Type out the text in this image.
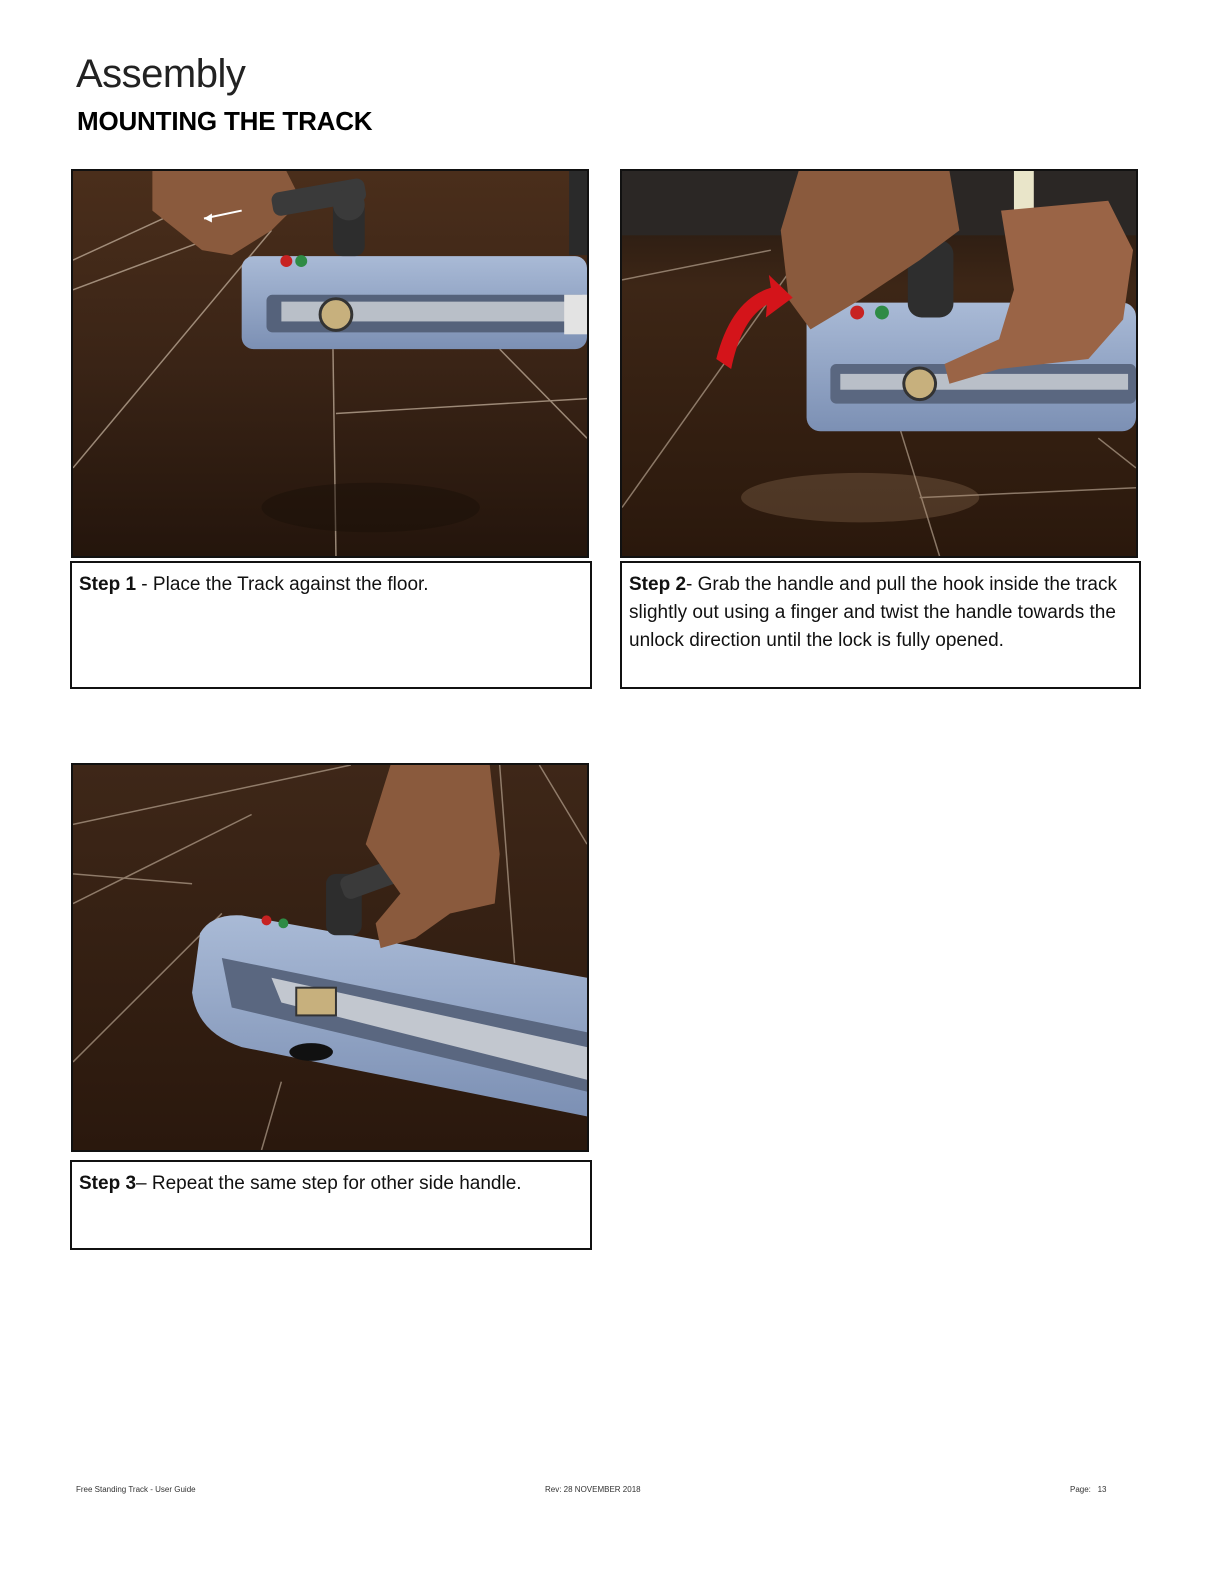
Assembly
MOUNTING THE TRACK
Step 1 - Place the Track against the floor.	Step 2- Grab the handle and pull the hook inside the track slightly out using a finger and twist the handle towards the unlock direction until the lock is fully opened.
Step 3– Repeat the same step for other side handle.
Free Standing Track - User Guide	Rev: 28 NOVEMBER 2018	Page:   13
